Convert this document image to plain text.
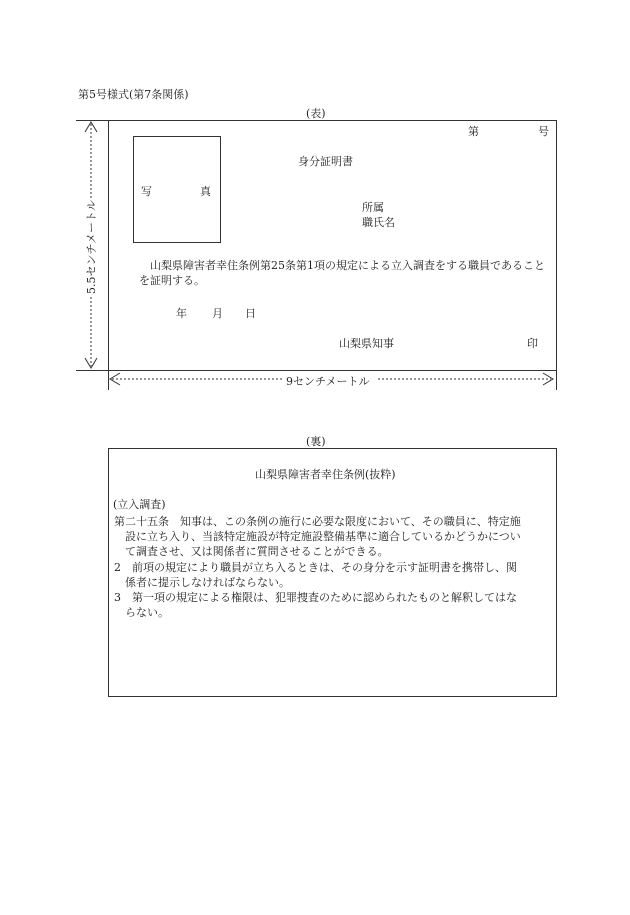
第5号様式(第7条関係)
(表)
第	号
写	真
身分証明書
所属
職氏名
山梨県障害者幸住条例第25条第1項の規定による立入調査をする職員であることを証明する。
年 月 日
山梨県知事	印
5.5センチメートル
9センチメートル
(裏)
山梨県障害者幸住条例(抜粋)
(立入調査)
第二十五条　知事は、この条例の施行に必要な限度において、その職員に、特定施
設に立ち入り、当該特定施設が特定施設整備基準に適合しているかどうかについ
て調査させ、又は関係者に質問させることができる。
2　前項の規定により職員が立ち入るときは、その身分を示す証明書を携帯し、関
係者に提示しなければならない。
3　第一項の規定による権限は、犯罪捜査のために認められたものと解釈してはな
らない。
